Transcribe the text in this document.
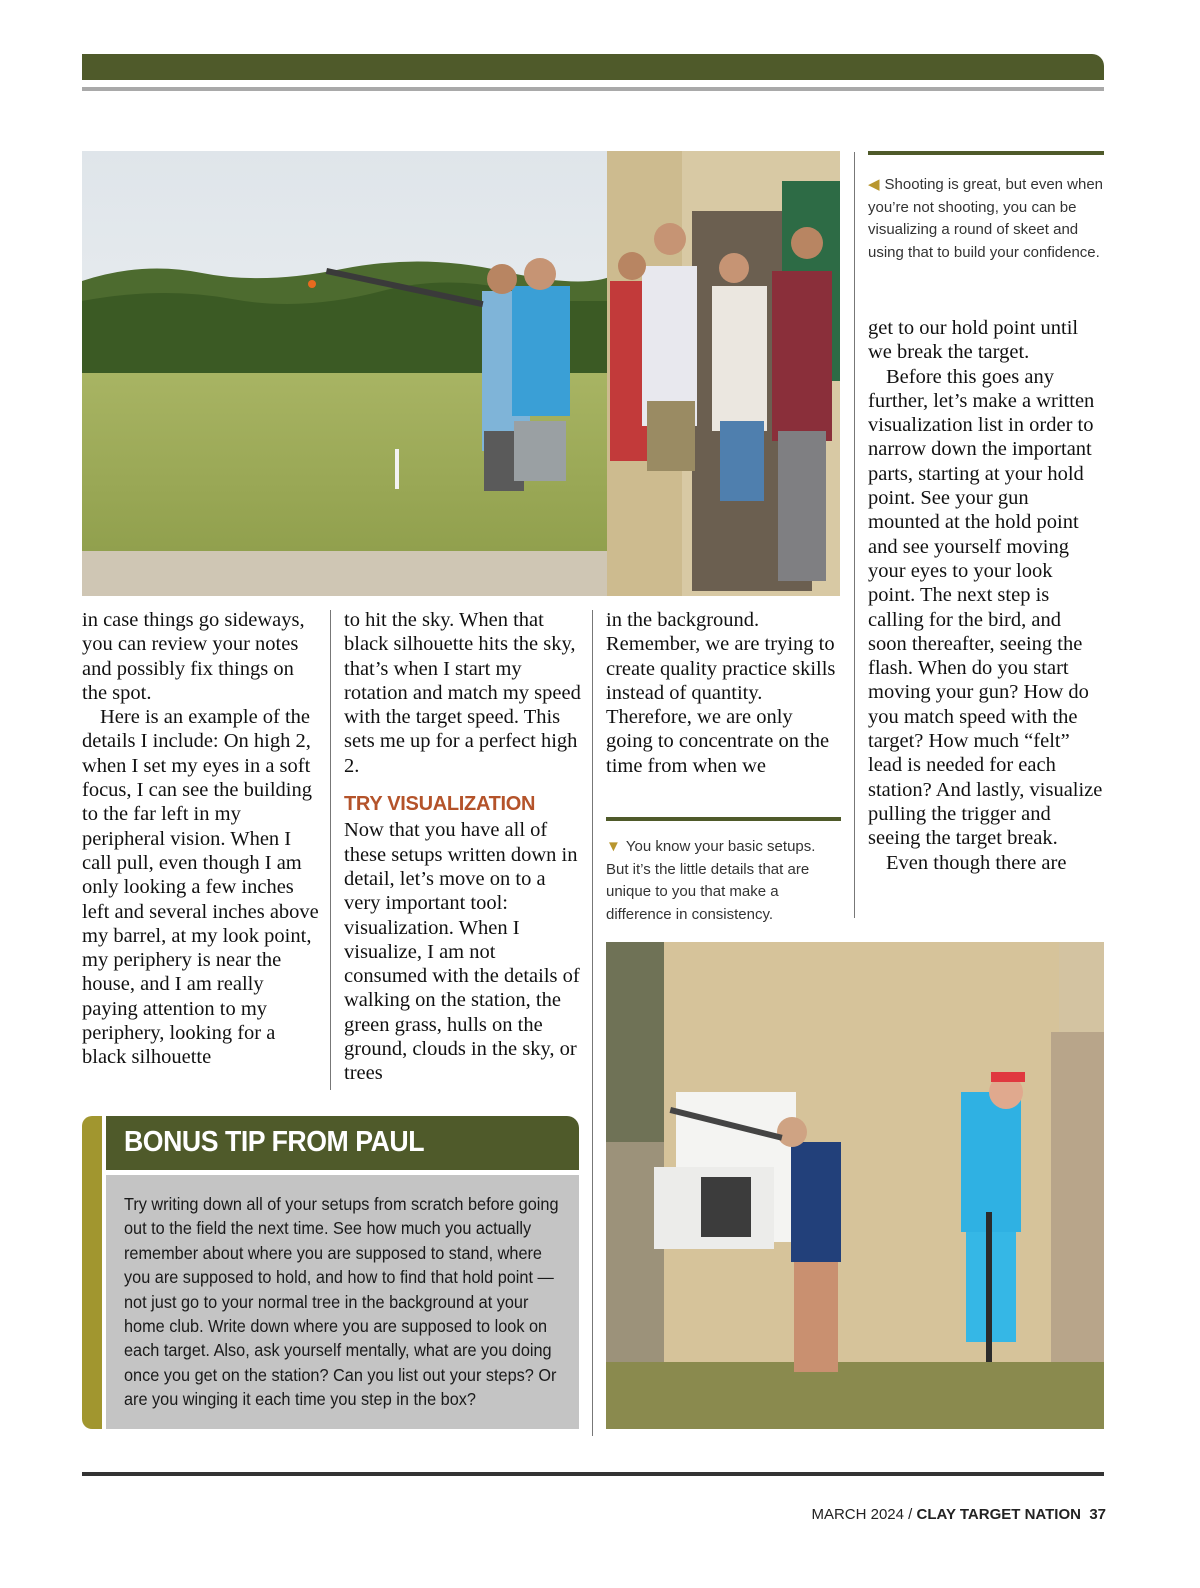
◀ Shooting is great, but even when you’re not shooting, you can be visualizing a round of skeet and using that to build your confidence.

in case things go sideways, you can review your notes and possibly fix things on the spot.

Here is an example of the details I include: On high 2, when I set my eyes in a soft focus, I can see the building to the far left in my peripheral vision. When I call pull, even though I am only looking a few inches left and several inches above my barrel, at my look point, my periphery is near the house, and I am really paying attention to my periphery, looking for a black silhouette

to hit the sky. When that black silhouette hits the sky, that’s when I start my rotation and match my speed with the target speed. This sets me up for a perfect high 2.

TRY VISUALIZATION

Now that you have all of these setups written down in detail, let’s move on to a very important tool: visualization. When I visualize, I am not consumed with the details of walking on the station, the green grass, hulls on the ground, clouds in the sky, or trees

in the background. Remember, we are trying to create quality practice skills instead of quantity. Therefore, we are only going to concentrate on the time from when we

▼ You know your basic setups. But it’s the little details that are unique to you that make a difference in consistency.

get to our hold point until we break the target.

Before this goes any further, let’s make a written visualization list in order to narrow down the important parts, starting at your hold point. See your gun mounted at the hold point and see yourself moving your eyes to your look point. The next step is calling for the bird, and soon thereafter, seeing the flash. When do you start moving your gun? How do you match speed with the target? How much “felt” lead is needed for each station? And lastly, visualize pulling the trigger and seeing the target break.

Even though there are

BONUS TIP FROM PAUL

Try writing down all of your setups from scratch before going out to the field the next time. See how much you actually remember about where you are supposed to stand, where you are supposed to hold, and how to find that hold point — not just go to your normal tree in the background at your home club. Write down where you are supposed to look on each target. Also, ask yourself mentally, what are you doing once you get on the station? Can you list out your steps? Or are you winging it each time you step in the box?

MARCH 2024 / CLAY TARGET NATION 37
